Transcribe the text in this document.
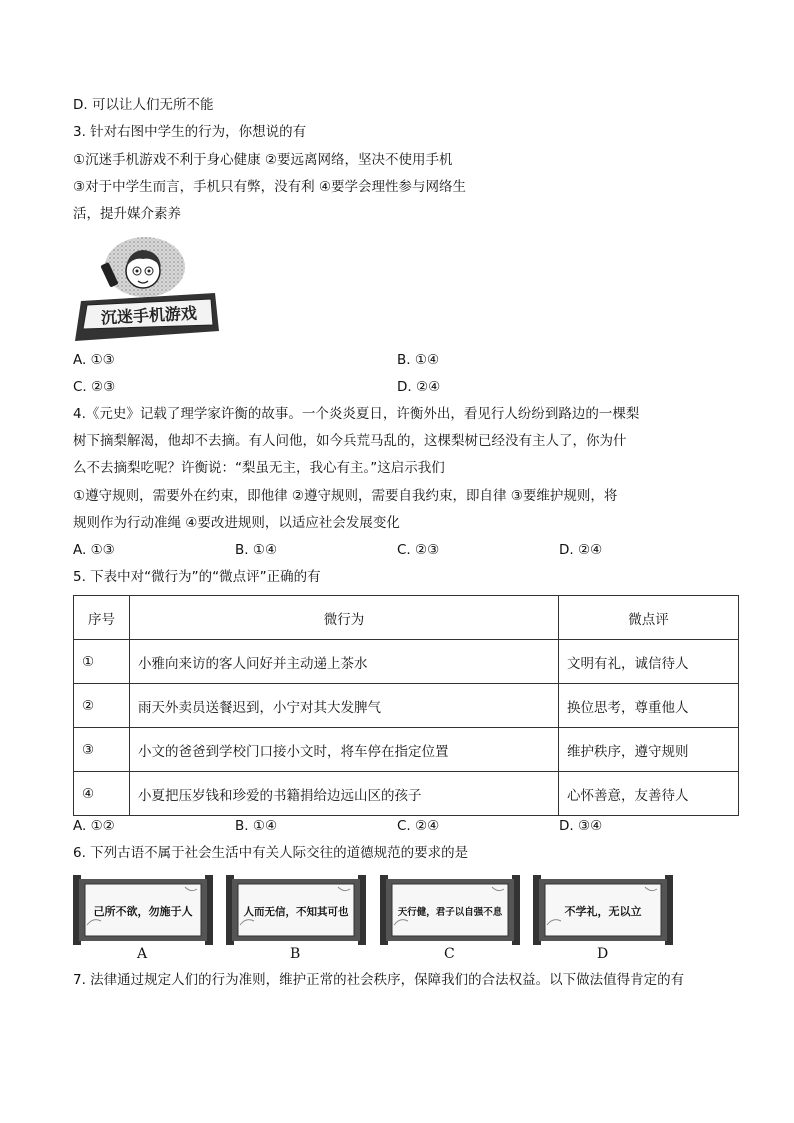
D. 可以让人们无所不能
3. 针对右图中学生的行为，你想说的有
①沉迷手机游戏不利于身心健康 ②要远离网络，坚决不使用手机
③对于中学生而言，手机只有弊，没有利 ④要学会理性参与网络生
活，提升媒介素养
沉迷手机游戏
A. ①③	B. ①④
C. ②③	D. ②④
4.《元史》记载了理学家许衡的故事。一个炎炎夏日，许衡外出，看见行人纷纷到路边的一棵梨
树下摘梨解渴，他却不去摘。有人问他，如今兵荒马乱的，这棵梨树已经没有主人了，你为什
么不去摘梨吃呢？许衡说：“梨虽无主，我心有主。”这启示我们
①遵守规则，需要外在约束，即他律 ②遵守规则，需要自我约束，即自律 ③要维护规则，将
规则作为行动准绳 ④要改进规则，以适应社会发展变化
A. ①③	B. ①④	C. ②③	D. ②④
5. 下表中对“微行为”的“微点评”正确的有
序号	微行为	微点评
①	小雅向来访的客人问好并主动递上茶水	文明有礼，诚信待人
②	雨天外卖员送餐迟到，小宁对其大发脾气	换位思考，尊重他人
③	小文的爸爸到学校门口接小文时，将车停在指定位置	维护秩序，遵守规则
④	小夏把压岁钱和珍爱的书籍捐给边远山区的孩子	心怀善意，友善待人
A. ①②	B. ①④	C. ②④	D. ③④
6. 下列古语不属于社会生活中有关人际交往的道德规范的要求的是
己所不欲，勿施于人
A
人而无信，不知其可也
B
天行健，君子以自强不息
C
不学礼，无以立
D
7. 法律通过规定人们的行为准则，维护正常的社会秩序，保障我们的合法权益。以下做法值得肯定的有
